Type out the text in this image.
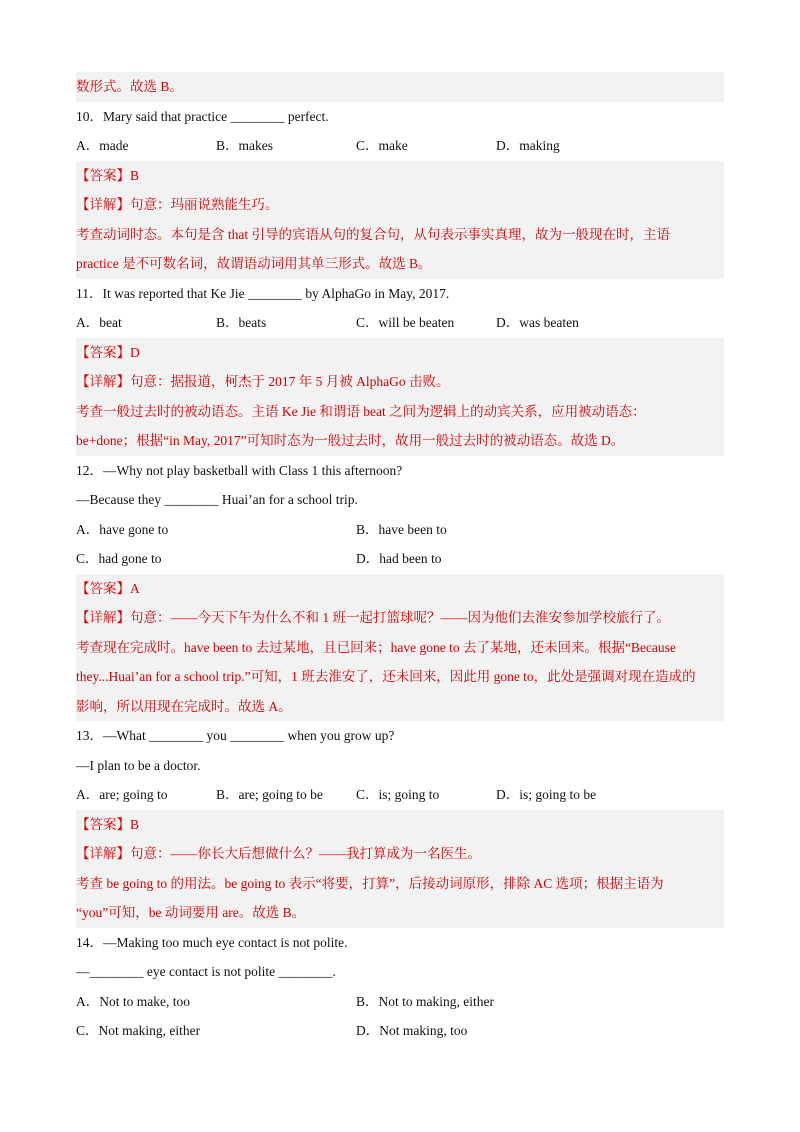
数形式。故选 B。
10．Mary said that practice ________ perfect.
A．made	B．makes	C．make	D．making
【答案】B
【详解】句意：玛丽说熟能生巧。
考查动词时态。本句是含 that 引导的宾语从句的复合句，从句表示事实真理，故为一般现在时，主语
practice 是不可数名词，故谓语动词用其单三形式。故选 B。
11．It was reported that Ke Jie ________ by AlphaGo in May, 2017.
A．beat	B．beats	C．will be beaten	D．was beaten
【答案】D
【详解】句意：据报道，柯杰于 2017 年 5 月被 AlphaGo 击败。
考查一般过去时的被动语态。主语 Ke Jie 和谓语 beat 之间为逻辑上的动宾关系，应用被动语态：
be+done；根据“in May, 2017”可知时态为一般过去时，故用一般过去时的被动语态。故选 D。
12．—Why not play basketball with Class 1 this afternoon?
—Because they ________ Huai’an for a school trip.
A．have gone to	B．have been to
C．had gone to	D．had been to
【答案】A
【详解】句意：——今天下午为什么不和 1 班一起打篮球呢？——因为他们去淮安参加学校旅行了。
考查现在完成时。have been to 去过某地，且已回来；have gone to 去了某地，还未回来。根据“Because
they...Huai’an for a school trip.”可知，1 班去淮安了，还未回来，因此用 gone to，此处是强调对现在造成的
影响，所以用现在完成时。故选 A。
13．—What ________ you ________ when you grow up?
—I plan to be a doctor.
A．are; going to	B．are; going to be	C．is; going to	D．is; going to be
【答案】B
【详解】句意：——你长大后想做什么？——我打算成为一名医生。
考查 be going to 的用法。be going to 表示“将要，打算”，后接动词原形，排除 AC 选项；根据主语为
“you”可知，be 动词要用 are。故选 B。
14．—Making too much eye contact is not polite.
—________ eye contact is not polite ________.
A．Not to make, too	B．Not to making, either
C．Not making, either	D．Not making, too
